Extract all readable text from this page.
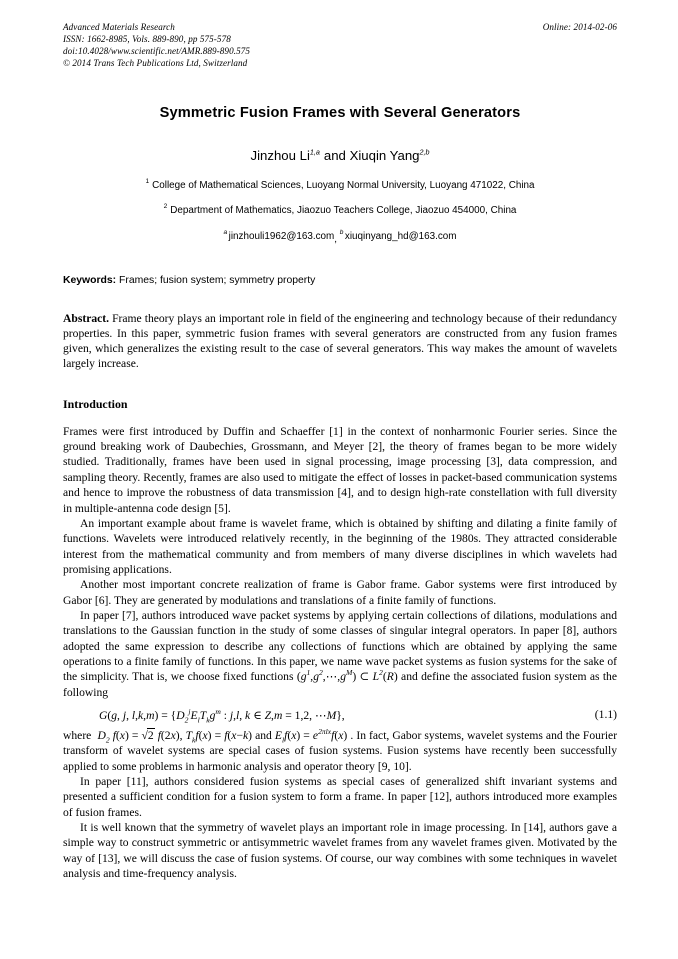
Advanced Materials Research
ISSN: 1662-8985, Vols. 889-890, pp 575-578
doi:10.4028/www.scientific.net/AMR.889-890.575
© 2014 Trans Tech Publications Ltd, Switzerland
Online: 2014-02-06
Symmetric Fusion Frames with Several Generators
Jinzhou Li$^{1,a}$ and Xiuqin Yang$^{2,b}$
$^1$ College of Mathematical Sciences, Luoyang Normal University, Luoyang 471022, China
$^2$ Department of Mathematics, Jiaozuo Teachers College, Jiaozuo 454000, China
$^a$ jinzhouli1962@163.com, $^b$ xiuqinyang_hd@163.com
Keywords: Frames; fusion system; symmetry property
Abstract. Frame theory plays an important role in field of the engineering and technology because of their redundancy properties. In this paper, symmetric fusion frames with several generators are constructed from any fusion frames given, which generalizes the existing result to the case of several generators. This way makes the amount of wavelets largely increase.
Introduction

Frames were first introduced by Duffin and Schaeffer [1] in the context of nonharmonic Fourier series. Since the ground breaking work of Daubechies, Grossmann, and Meyer [2], the theory of frames began to be more widely studied. Traditionally, frames have been used in signal processing, image processing [3], data compression, and sampling theory. Recently, frames are also used to mitigate the effect of losses in packet-based communication systems and hence to improve the robustness of data transmission [4], and to design high-rate constellation with full diversity in multiple-antenna code design [5].

An important example about frame is wavelet frame, which is obtained by shifting and dilating a finite family of functions. Wavelets were introduced relatively recently, in the beginning of the 1980s. They attracted considerable interest from the mathematical community and from members of many diverse disciplines in which wavelets had promising applications.

Another most important concrete realization of frame is Gabor frame. Gabor systems were first introduced by Gabor [6]. They are generated by modulations and translations of a finite family of functions.

In paper [7], authors introduced wave packet systems by applying certain collections of dilations, modulations and translations to the Gaussian function in the study of some classes of singular integral operators. In paper [8], authors adopted the same expression to describe any collections of functions which are obtained by applying the same operations to a finite family of functions. In this paper, we name wave packet systems as fusion systems for the sake of the simplicity. That is, we choose fixed functions $(g^1,g^2,\cdots,g^M)$ ⊂ $L^2(R)$ and define the associated fusion system as the following

G(g, j, $l,k,m) = \{D_2^jE_lT_kg^m$ : j,l, k ∈ Z,m = 1,2, ⋯M},	(1.1)

where $D_2$ f(x) = √2 f(2x), $T_kf(x) = f(x-k)$ and $E_lf(x) = e^{2\pi lx}f(x)$ . In fact, Gabor systems, wavelet systems and the Fourier transform of wavelet systems are special cases of fusion systems. Fusion systems have recently been successfully applied to some problems in harmonic analysis and operator theory [9, 10].

In paper [11], authors considered fusion systems as special cases of generalized shift invariant systems and presented a sufficient condition for a fusion system to form a frame. In paper [12], authors introduced more examples of fusion frames.

It is well known that the symmetry of wavelet plays an important role in image processing. In [14], authors gave a simple way to construct symmetric or antisymmetric wavelet frames from any wavelet frames given. Motivated by the way of [13], we will discuss the case of fusion systems. Of course, our way combines with some techniques in wavelet analysis and time-frequency analysis.
